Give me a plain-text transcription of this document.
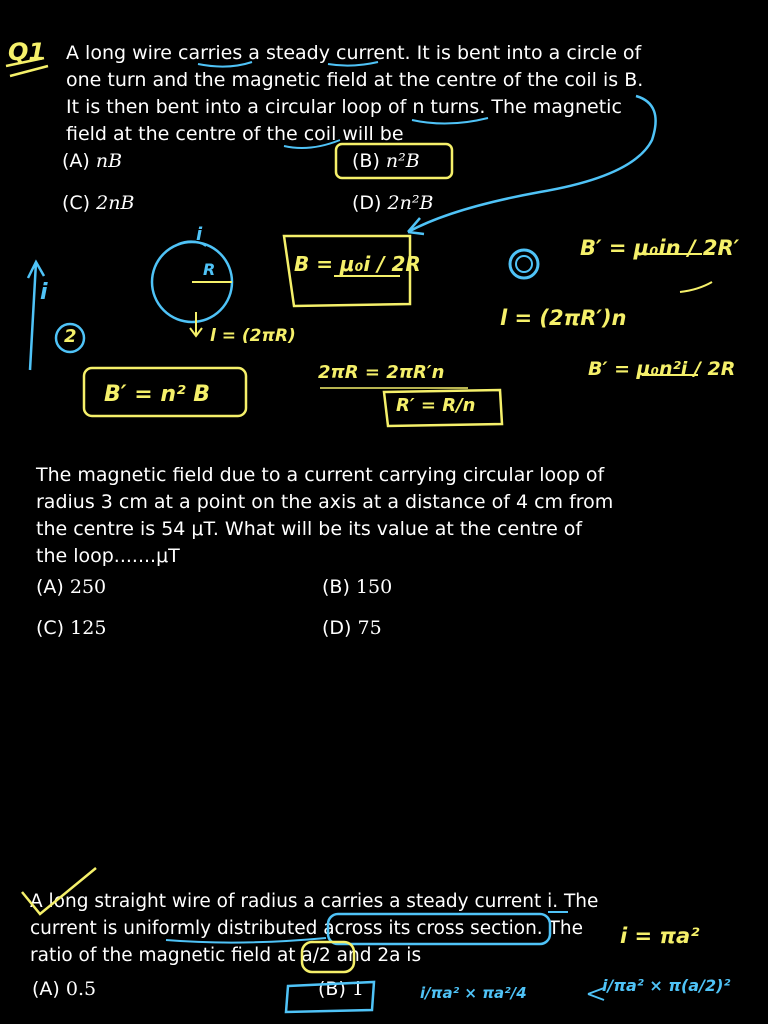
Q1 A long wire carries a steady current. It is bent into a circle of
one turn and the magnetic field at the centre of the coil is B.
It is then bent into a circular loop of n turns. The magnetic
field at the centre of the coil will be
(A) nB	(B) n²B
(C) 2nB	(D) 2n²B
i
i
R
l = (2πR)
2
B = μ₀i / 2R
B′ = μ₀in / 2R′
l = (2πR′)n
2πR = 2πR′n
R′ = R/n
B′ = μ₀n²i / 2R
B′ = n² B
The magnetic field due to a current carrying circular loop of
radius 3 cm at a point on the axis at a distance of 4 cm from
the centre is 54 μT. What will be its value at the centre of
the loop.......μT
(A) 250	(B) 150
(C) 125	(D) 75
A long straight wire of radius a carries a steady current i. The
current is uniformly distributed across its cross section. The
ratio of the magnetic field at a/2 and 2a is
(A) 0.5	(B) 1
i = πa²
i/πa² × πa²/4	i/πa² × π(a/2)²
